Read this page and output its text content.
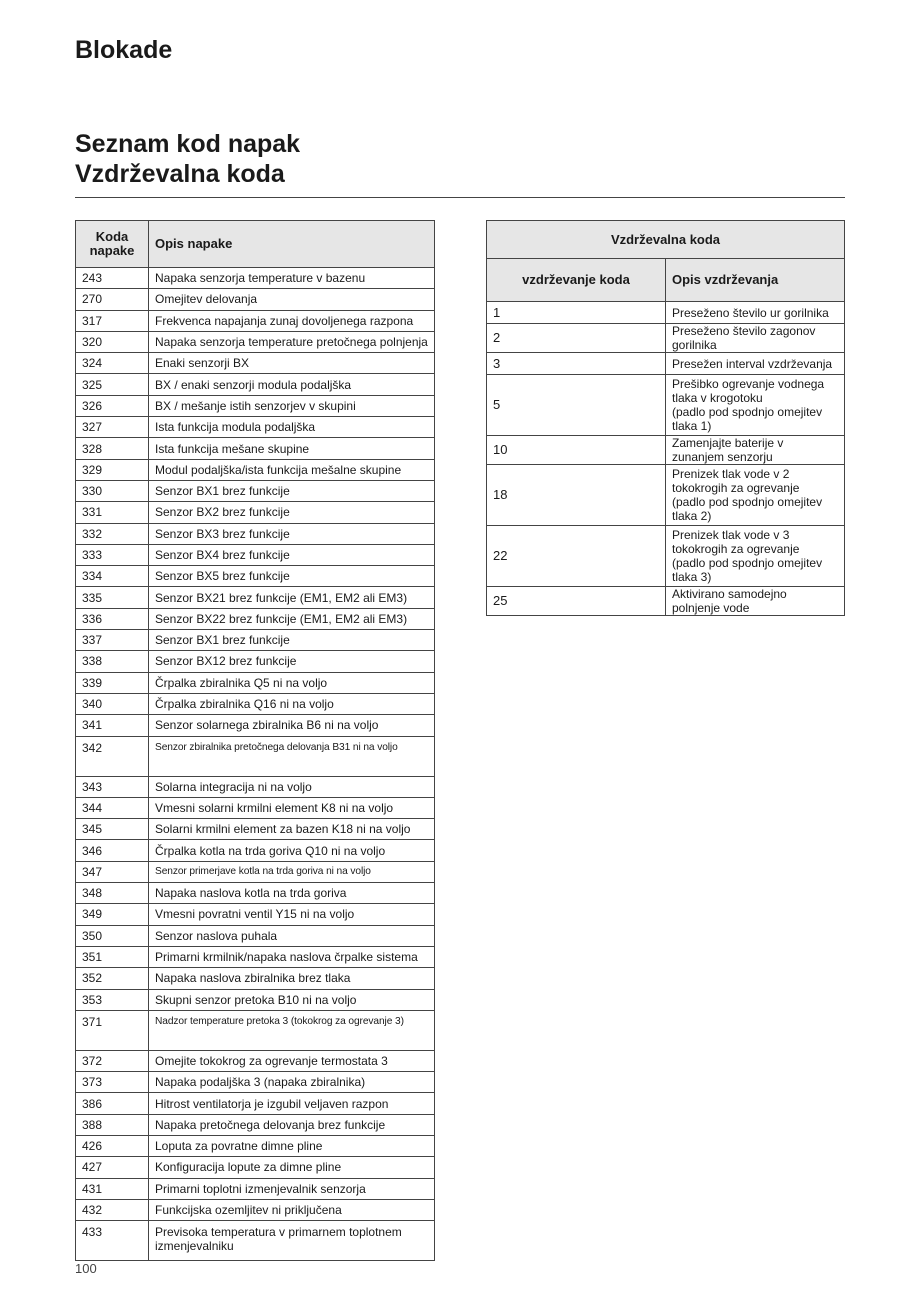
Blokade
Seznam kod napak
Vzdrževalna koda
Koda napake	Opis napake
243	Napaka senzorja temperature v bazenu
270	Omejitev delovanja
317	Frekvenca napajanja zunaj dovoljenega razpona
320	Napaka senzorja temperature pretočnega polnjenja
324	Enaki senzorji BX
325	BX / enaki senzorji modula podaljška
326	BX / mešanje istih senzorjev v skupini
327	Ista funkcija modula podaljška
328	Ista funkcija mešane skupine
329	Modul podaljška/ista funkcija mešalne skupine
330	Senzor BX1 brez funkcije
331	Senzor BX2 brez funkcije
332	Senzor BX3 brez funkcije
333	Senzor BX4 brez funkcije
334	Senzor BX5 brez funkcije
335	Senzor BX21 brez funkcije (EM1, EM2 ali EM3)
336	Senzor BX22 brez funkcije (EM1, EM2 ali EM3)
337	Senzor BX1 brez funkcije
338	Senzor BX12 brez funkcije
339	Črpalka zbiralnika Q5 ni na voljo
340	Črpalka zbiralnika Q16 ni na voljo
341	Senzor solarnega zbiralnika B6 ni na voljo
342	Senzor zbiralnika pretočnega delovanja B31 ni na voljo
343	Solarna integracija ni na voljo
344	Vmesni solarni krmilni element K8 ni na voljo
345	Solarni krmilni element za bazen K18 ni na voljo
346	Črpalka kotla na trda goriva Q10 ni na voljo
347	Senzor primerjave kotla na trda goriva ni na voljo
348	Napaka naslova kotla na trda goriva
349	Vmesni povratni ventil Y15 ni na voljo
350	Senzor naslova puhala
351	Primarni krmilnik/napaka naslova črpalke sistema
352	Napaka naslova zbiralnika brez tlaka
353	Skupni senzor pretoka B10 ni na voljo
371	Nadzor temperature pretoka 3 (tokokrog za ogrevanje 3)
372	Omejite tokokrog za ogrevanje termostata 3
373	Napaka podaljška 3 (napaka zbiralnika)
386	Hitrost ventilatorja je izgubil veljaven razpon
388	Napaka pretočnega delovanja brez funkcije
426	Loputa za povratne dimne pline
427	Konfiguracija lopute za dimne pline
431	Primarni toplotni izmenjevalnik senzorja
432	Funkcijska ozemljitev ni priključena
433	Previsoka temperatura v primarnem toplotnem izmenjevalniku
Vzdrževalna koda	
vzdrževanje koda	Opis vzdrževanja
1	Preseženo število ur gorilnika

2	Preseženo število zagonov gorilnika

3	Presežen interval vzdrževanja

5	Prešibko ogrevanje vodnega tlaka v krogotoku
(padlo pod spodnjo omejitev tlaka 1)

10	Zamenjajte baterije v zunanjem senzorju

18	Prenizek tlak vode v 2 tokokrogih za ogrevanje
(padlo pod spodnjo omejitev tlaka 2)

22	Prenizek tlak vode v 3 tokokrogih za ogrevanje
(padlo pod spodnjo omejitev tlaka 3)

25	Aktivirano samodejno polnjenje vode
100
